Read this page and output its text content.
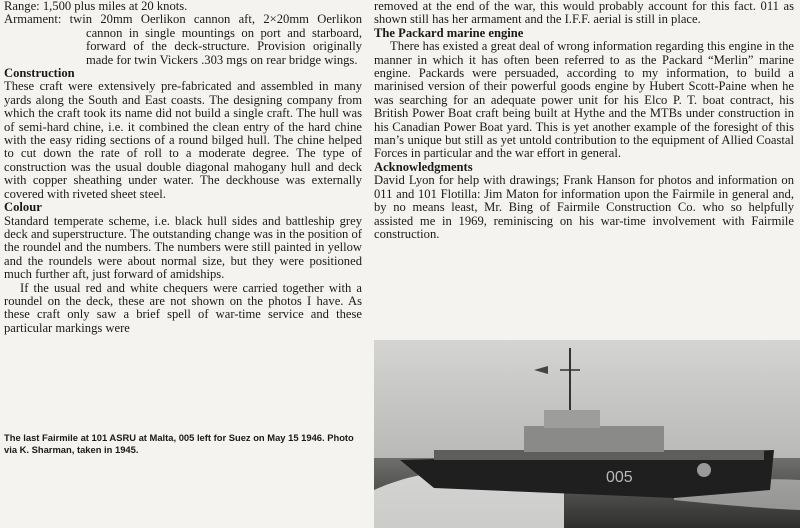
Range: 1,500 plus miles at 20 knots.

Armament: twin 20mm Oerlikon cannon aft, 2×20mm Oerlikon cannon in single mountings on port and starboard, forward of the deck-structure. Provision originally made for twin Vickers .303 mgs on rear bridge wings.

Construction

These craft were extensively pre-fabricated and assembled in many yards along the South and East coasts. The designing company from which the craft took its name did not build a single craft. The hull was of semi-hard chine, i.e. it combined the clean entry of the hard chine with the easy riding sections of a round bilged hull. The chine helped to cut down the rate of roll to a moderate degree. The type of construction was the usual double diagonal mahogany hull and deck with copper sheathing under water. The deckhouse was externally covered with riveted sheet steel.

Colour

Standard temperate scheme, i.e. black hull sides and battleship grey deck and superstructure. The outstanding change was in the position of the roundel and the numbers. The numbers were still painted in yellow and the roundels were about normal size, but they were positioned much further aft, just forward of amidships.

If the usual red and white chequers were carried together with a roundel on the deck, these are not shown on the photos I have. As these craft only saw a brief spell of war-time service and these particular markings were

The last Fairmile at 101 ASRU at Malta, 005 left for Suez on May 15 1946. Photo via K. Sharman, taken in 1945.

removed at the end of the war, this would probably account for this fact. 011 as shown still has her armament and the I.F.F. aerial is still in place.

The Packard marine engine

There has existed a great deal of wrong information regarding this engine in the manner in which it has often been referred to as the Packard “Merlin” marine engine. Packards were persuaded, according to my information, to build a marinised version of their powerful goods engine by Hubert Scott-Paine when he was searching for an adequate power unit for his Elco P. T. boat contract, his British Power Boat craft being built at Hythe and the MTBs under construction in his Canadian Power Boat yard. This is yet another example of the foresight of this man’s unique but still as yet untold contribution to the equipment of Allied Coastal Forces in particular and the war effort in general.

Acknowledgments

David Lyon for help with drawings; Frank Hanson for photos and information on 011 and 101 Flotilla: Jim Maton for information upon the Fairmile in general and, by no means least, Mr. Bing of Fairmile Construction Co. who so helpfully assisted me in 1969, reminiscing on his war-time involvement with Fairmile construction.

005
